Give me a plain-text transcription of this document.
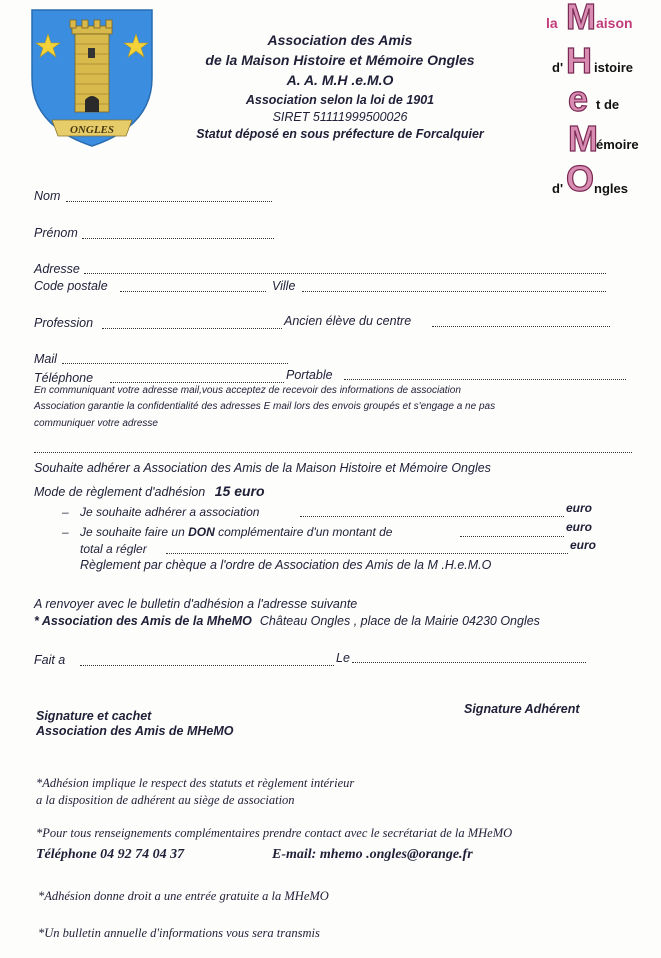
ONGLES
Association des Amis
de la Maison Histoire et Mémoire Ongles
A. A. M.H .e.M.O
Association selon la loi de 1901
SIRET 51111999500026
Statut déposé en sous préfecture de Forcalquier
la M aison
d' H istoire
e t de
M
émoire
d' O ngles
Nom
Prénom
Adresse
Code postale	Ville
Profession	Ancien élève du centre
Mail
Téléphone	Portable
En communiquant votre adresse mail,vous acceptez de recevoir des informations de association
Association garantie la confidentialité des adresses E mail lors des envois groupés et s'engage a ne pas
communiquer votre adresse
Souhaite adhérer a Association des Amis de la Maison Histoire et Mémoire Ongles
Mode de règlement d'adhésion 15 euro
– Je souhaite adhérer a association	euro
– Je souhaite faire un DON complémentaire d'un montant de	euro
total a régler	euro
Règlement par chèque a l'ordre de Association des Amis de la M .H.e.M.O
A renvoyer avec le bulletin d'adhésion a l'adresse suivante
* Association des Amis de la MheMO Château Ongles , place de la Mairie 04230 Ongles
Fait a	Le
Signature et cachet
Association des Amis de MHeMO
Signature Adhérent
*Adhésion implique le respect des statuts et règlement intérieur
a la disposition de adhérent au siège de association
*Pour tous renseignements complémentaires prendre contact avec le secrétariat de la MHeMO
Téléphone 04 92 74 04 37	E-mail: mhemo .ongles@orange.fr
*Adhésion donne droit a une entrée gratuite a la MHeMO
*Un bulletin annuelle d'informations vous sera transmis
